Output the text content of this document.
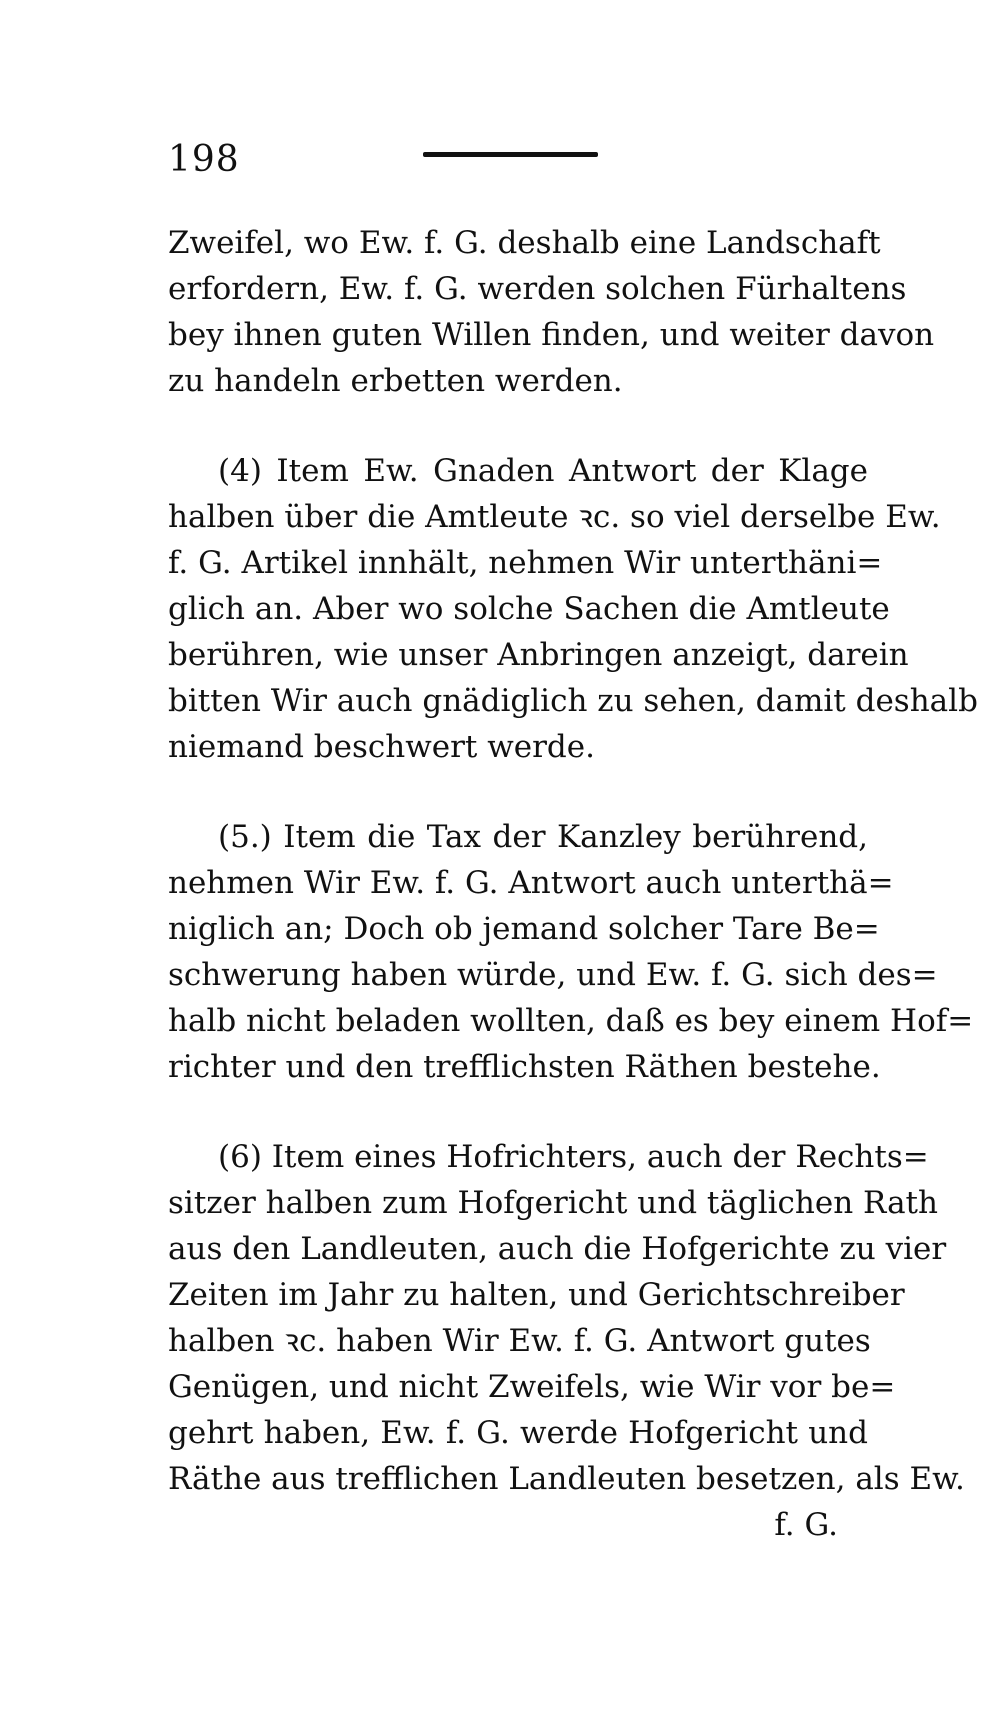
198
Zweifel, wo Ew. f. G. deshalb eine Landschaft
erfordern, Ew. f. G. werden solchen Fürhaltens
bey ihnen guten Willen finden, und weiter davon
zu handeln erbetten werden.
(4) Item Ew. Gnaden Antwort der Klage
halben über die Amtleute ꝛc. so viel derselbe Ew.
f. G. Artikel innhält, nehmen Wir unterthäni=
glich an. Aber wo solche Sachen die Amtleute
berühren, wie unser Anbringen anzeigt, darein
bitten Wir auch gnädiglich zu sehen, damit deshalb
niemand beschwert werde.
(5.) Item die Tax der Kanzley berührend,
nehmen Wir Ew. f. G. Antwort auch unterthä=
niglich an; Doch ob jemand solcher Tare Be=
schwerung haben würde, und Ew. f. G. sich des=
halb nicht beladen wollten, daß es bey einem Hof=
richter und den trefflichsten Räthen bestehe.
(6) Item eines Hofrichters, auch der Rechts=
sitzer halben zum Hofgericht und täglichen Rath
aus den Landleuten, auch die Hofgerichte zu vier
Zeiten im Jahr zu halten, und Gerichtschreiber
halben ꝛc. haben Wir Ew. f. G. Antwort gutes
Genügen, und nicht Zweifels, wie Wir vor be=
gehrt haben, Ew. f. G. werde Hofgericht und
Räthe aus trefflichen Landleuten besetzen, als Ew.
f. G.
